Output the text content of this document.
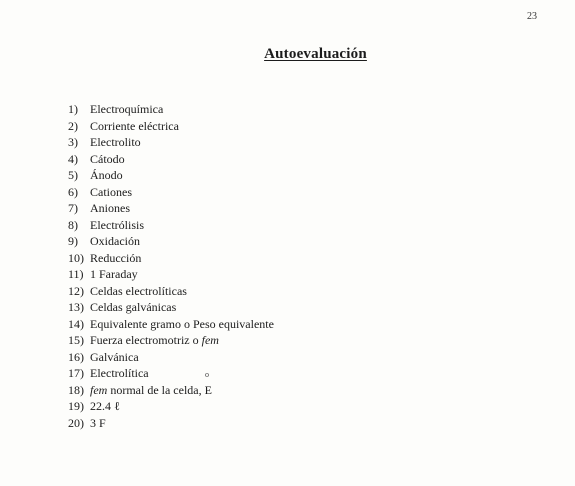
23
Autoevaluación
1)	Electroquímica
2)	Corriente eléctrica
3)	Electrolito
4)	Cátodo
5)	Ánodo
6)	Cationes
7)	Aniones
8)	Electrólisis
9)	Oxidación
10) Reducción
11) 1 Faraday
12) Celdas electrolíticas
13) Celdas galvánicas
14) Equivalente gramo o Peso equivalente
15) Fuerza electromotriz o fem
16) Galvánica
17) Electrolítica
18) fem normal de la celda, E
19) 22.4 ℓ
20) 3 F
o
